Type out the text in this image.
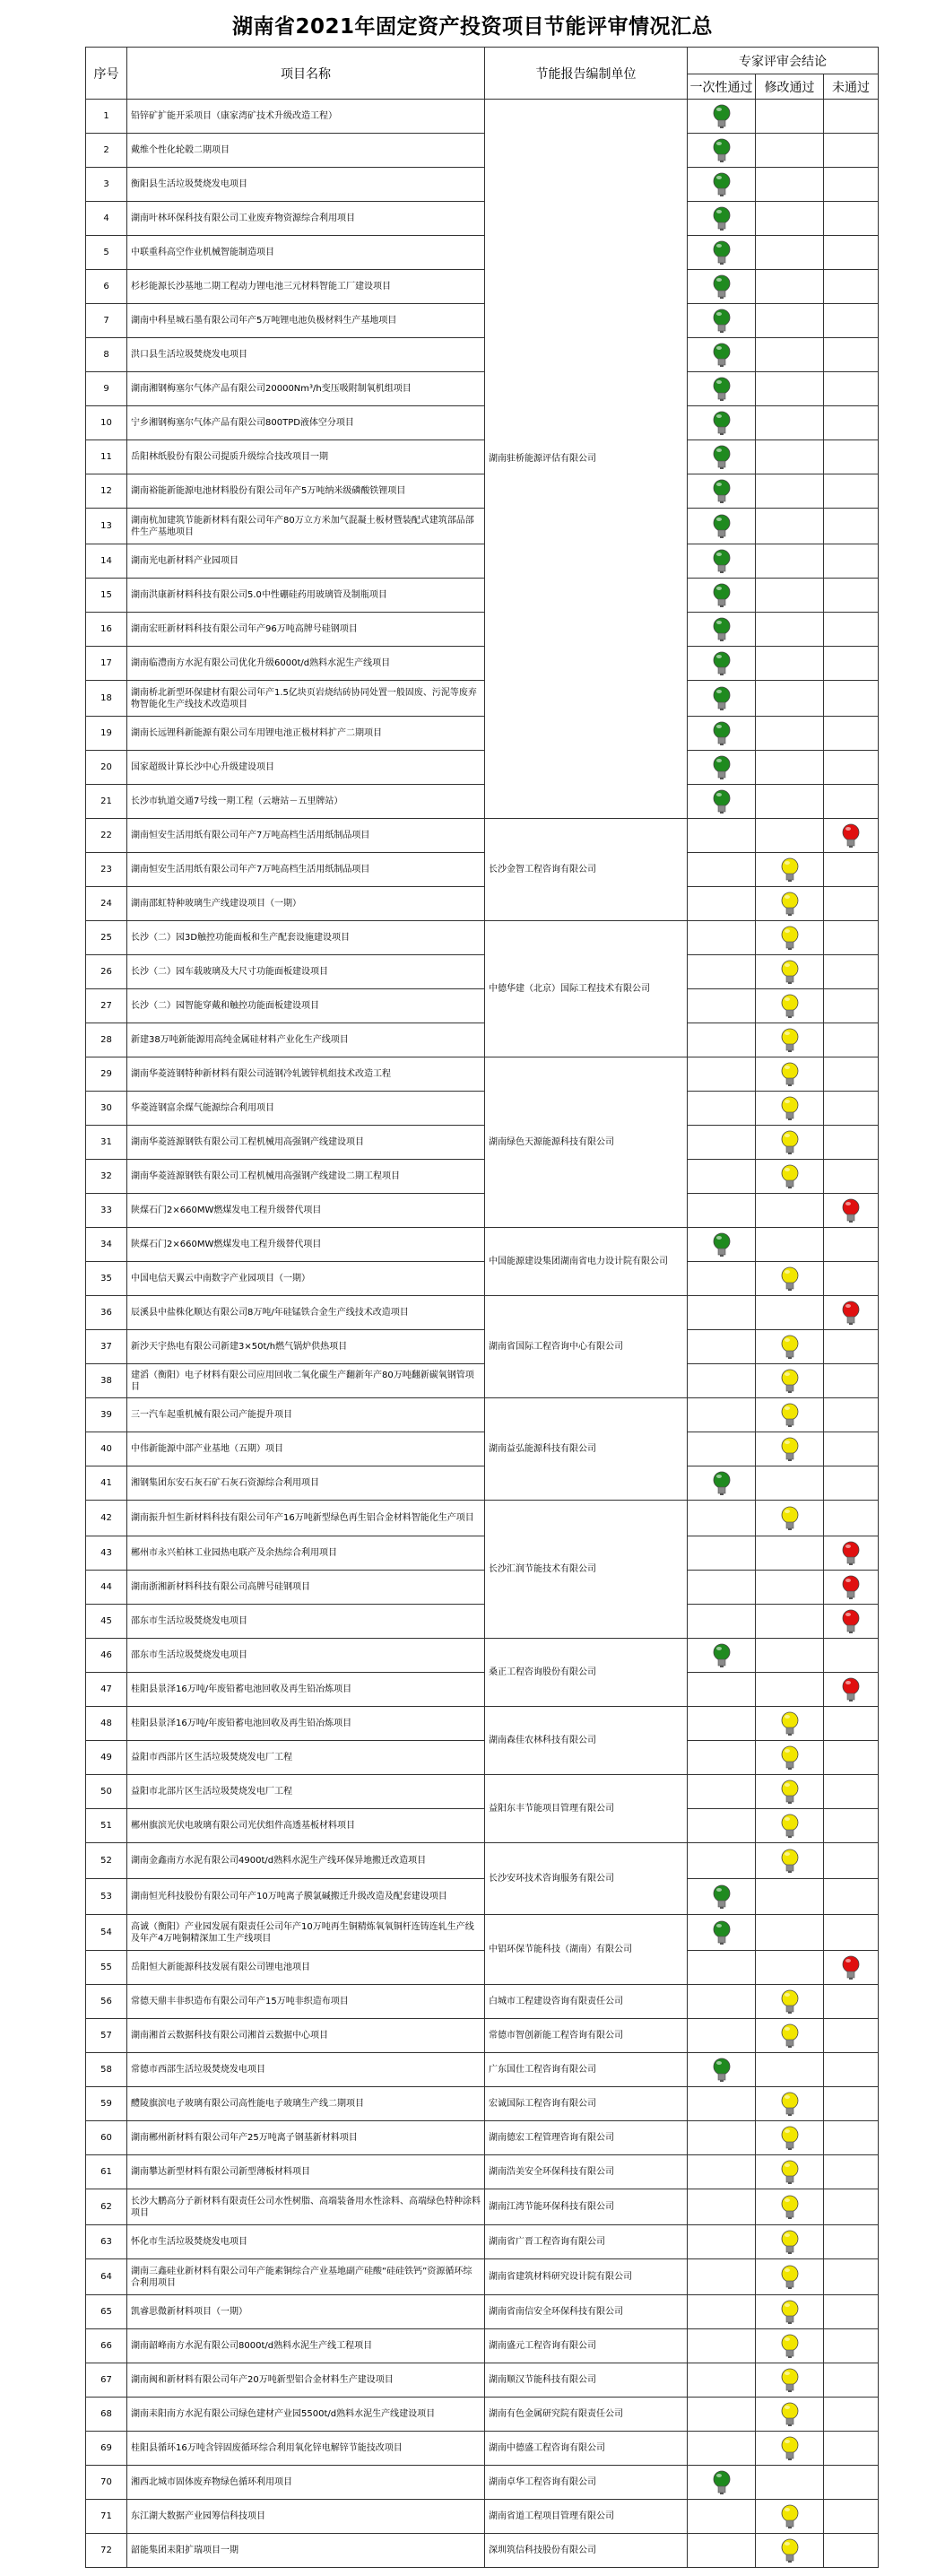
湖南省2021年固定资产投资项目节能评审情况汇总
序号	项目名称	节能报告编制单位	专家评审会结论		
			一次性通过	修改通过	未通过
1	铅锌矿扩能开采项目（康家湾矿技术升级改造工程）	湖南驻桥能源评估有限公司	

2	戴维个性化轮毂二期项目	

3	衡阳县生活垃圾焚烧发电项目	

4	湖南叶林环保科技有限公司工业废弃物资源综合利用项目	

5	中联重科高空作业机械智能制造项目	

6	杉杉能源长沙基地二期工程动力锂电池三元材料智能工厂建设项目	

7	湖南中科星城石墨有限公司年产5万吨锂电池负极材料生产基地项目	

8	洪口县生活垃圾焚烧发电项目	

9	湖南湘钢梅塞尔气体产品有限公司20000Nm³/h变压吸附制氧机组项目	

10	宁乡湘钢梅塞尔气体产品有限公司800TPD液体空分项目	

11	岳阳林纸股份有限公司提质升级综合技改项目一期	

12	湖南裕能新能源电池材料股份有限公司年产5万吨纳米级磷酸铁锂项目	

13	湖南杭加建筑节能新材料有限公司年产80万立方米加气混凝土板材暨装配式建筑部品部件生产基地项目	

14	湖南光电新材料产业园项目	

15	湖南洪康新材料科技有限公司5.0中性硼硅药用玻璃管及制瓶项目	

16	湖南宏旺新材料科技有限公司年产96万吨高牌号硅钢项目	

17	湖南临澧南方水泥有限公司优化升级6000t/d熟料水泥生产线项目	

18	湖南桥北新型环保建材有限公司年产1.5亿块页岩烧结砖协同处置一般固废、污泥等废弃物智能化生产线技术改造项目	

19	湖南长远锂科新能源有限公司车用锂电池正极材料扩产二期项目	

20	国家超级计算长沙中心升级建设项目	

21	长沙市轨道交通7号线一期工程（云塘站－五里牌站）	

22	湖南恒安生活用纸有限公司年产7万吨高档生活用纸制品项目	长沙金智工程咨询有限公司			

23	湖南恒安生活用纸有限公司年产7万吨高档生活用纸制品项目		

24	湖南邵虹特种玻璃生产线建设项目（一期）		

25	长沙（二）园3D触控功能面板和生产配套设施建设项目	中德华建（北京）国际工程技术有限公司		

26	长沙（二）园车载玻璃及大尺寸功能面板建设项目		

27	长沙（二）园智能穿戴和触控功能面板建设项目		

28	新建38万吨新能源用高纯金属硅材料产业化生产线项目		

29	湖南华菱涟钢特种新材料有限公司涟钢冷轧镀锌机组技术改造工程	湖南绿色天源能源科技有限公司		

30	华菱涟钢富余煤气能源综合利用项目		

31	湖南华菱涟源钢铁有限公司工程机械用高强钢产线建设项目		

32	湖南华菱涟源钢铁有限公司工程机械用高强钢产线建设二期工程项目		

33	陕煤石门2×660MW燃煤发电工程升级替代项目			

34	陕煤石门2×660MW燃煤发电工程升级替代项目	中国能源建设集团湖南省电力设计院有限公司	

35	中国电信天翼云中南数字产业园项目（一期）		

36	辰溪县中盐株化顺达有限公司8万吨/年硅锰铁合金生产线技术改造项目	湖南省国际工程咨询中心有限公司			

37	新沙天宇热电有限公司新建3×50t/h燃气锅炉供热项目		

38	建滔（衡阳）电子材料有限公司应用回收二氧化碳生产翻新年产80万吨翻新碳氧钢管项目		

39	三一汽车起重机械有限公司产能提升项目	湖南益弘能源科技有限公司		

40	中伟新能源中部产业基地（五期）项目		

41	湘钢集团东安石灰石矿石灰石资源综合利用项目	

42	湖南振升恒生新材料科技有限公司年产16万吨新型绿色再生铝合金材料智能化生产项目	长沙汇润节能技术有限公司		

43	郴州市永兴柏林工业园热电联产及余热综合利用项目			

44	湖南浙湘新材料科技有限公司高牌号硅钢项目			

45	邵东市生活垃圾焚烧发电项目			

46	邵东市生活垃圾焚烧发电项目	桑正工程咨询股份有限公司	

47	桂阳县景泽16万吨/年废铅蓄电池回收及再生铅冶炼项目			

48	桂阳县景泽16万吨/年废铅蓄电池回收及再生铅冶炼项目	湖南森佳农林科技有限公司		

49	益阳市西部片区生活垃圾焚烧发电厂工程		

50	益阳市北部片区生活垃圾焚烧发电厂工程	益阳东丰节能项目管理有限公司		

51	郴州旗滨光伏电玻璃有限公司光伏组件高透基板材料项目		

52	湖南金鑫南方水泥有限公司4900t/d熟料水泥生产线环保异地搬迁改造项目	长沙安环技术咨询服务有限公司		

53	湖南恒光科技股份有限公司年产10万吨离子膜氯碱搬迁升级改造及配套建设项目	

54	高诚（衡阳）产业园发展有限责任公司年产10万吨再生铜精炼氧氧铜杆连铸连轧生产线及年产4万吨铜精深加工生产线项目	中铝环保节能科技（湖南）有限公司	

55	岳阳恒大新能源科技发展有限公司锂电池项目			

56	常德天鼎丰非织造布有限公司年产15万吨非织造布项目	白城市工程建设咨询有限责任公司		

57	湖南湘首云数据科技有限公司湘首云数据中心项目	常德市智创新能工程咨询有限公司		

58	常德市西部生活垃圾焚烧发电项目	广东国仕工程咨询有限公司	

59	醴陵旗滨电子玻璃有限公司高性能电子玻璃生产线二期项目	宏诚国际工程咨询有限公司		

60	湖南郴州新材料有限公司年产25万吨离子钢基新材料项目	湖南德宏工程管理咨询有限公司		

61	湖南攀达新型材料有限公司新型薄板材料项目	湖南浩美安全环保科技有限公司		

62	长沙大鹏高分子新材料有限责任公司水性树脂、高端装备用水性涂料、高端绿色特种涂料项目	湖南江湾节能环保科技有限公司		

63	怀化市生活垃圾焚烧发电项目	湖南省广晋工程咨询有限公司		

64	湖南三鑫硅业新材料有限公司年产能素铜综合产业基地副产硅酸“硅硅铁钙”资源循环综合利用项目	湖南省建筑材料研究设计院有限公司		

65	凯睿思微新材料项目（一期）	湖南省南信安全环保科技有限公司		

66	湖南韶峰南方水泥有限公司8000t/d熟料水泥生产线工程项目	湖南盛元工程咨询有限公司		

67	湖南阀和新材料有限公司年产20万吨新型铝合金材料生产建设项目	湖南顺汉节能科技有限公司		

68	湖南耒阳南方水泥有限公司绿色建材产业园5500t/d熟料水泥生产线建设项目	湖南有色金属研究院有限责任公司		

69	桂阳县循环16万吨含锌固废循环综合利用氧化锌电解锌节能技改项目	湖南中德盛工程咨询有限公司		

70	湘西北城市固体废弃物绿色循环利用项目	湖南卓华工程咨询有限公司	

71	东江湖大数据产业园筹信科技项目	湖南省道工程项目管理有限公司		

72	韶能集团耒阳扩瑞项目一期	深圳筑信科技股份有限公司		
